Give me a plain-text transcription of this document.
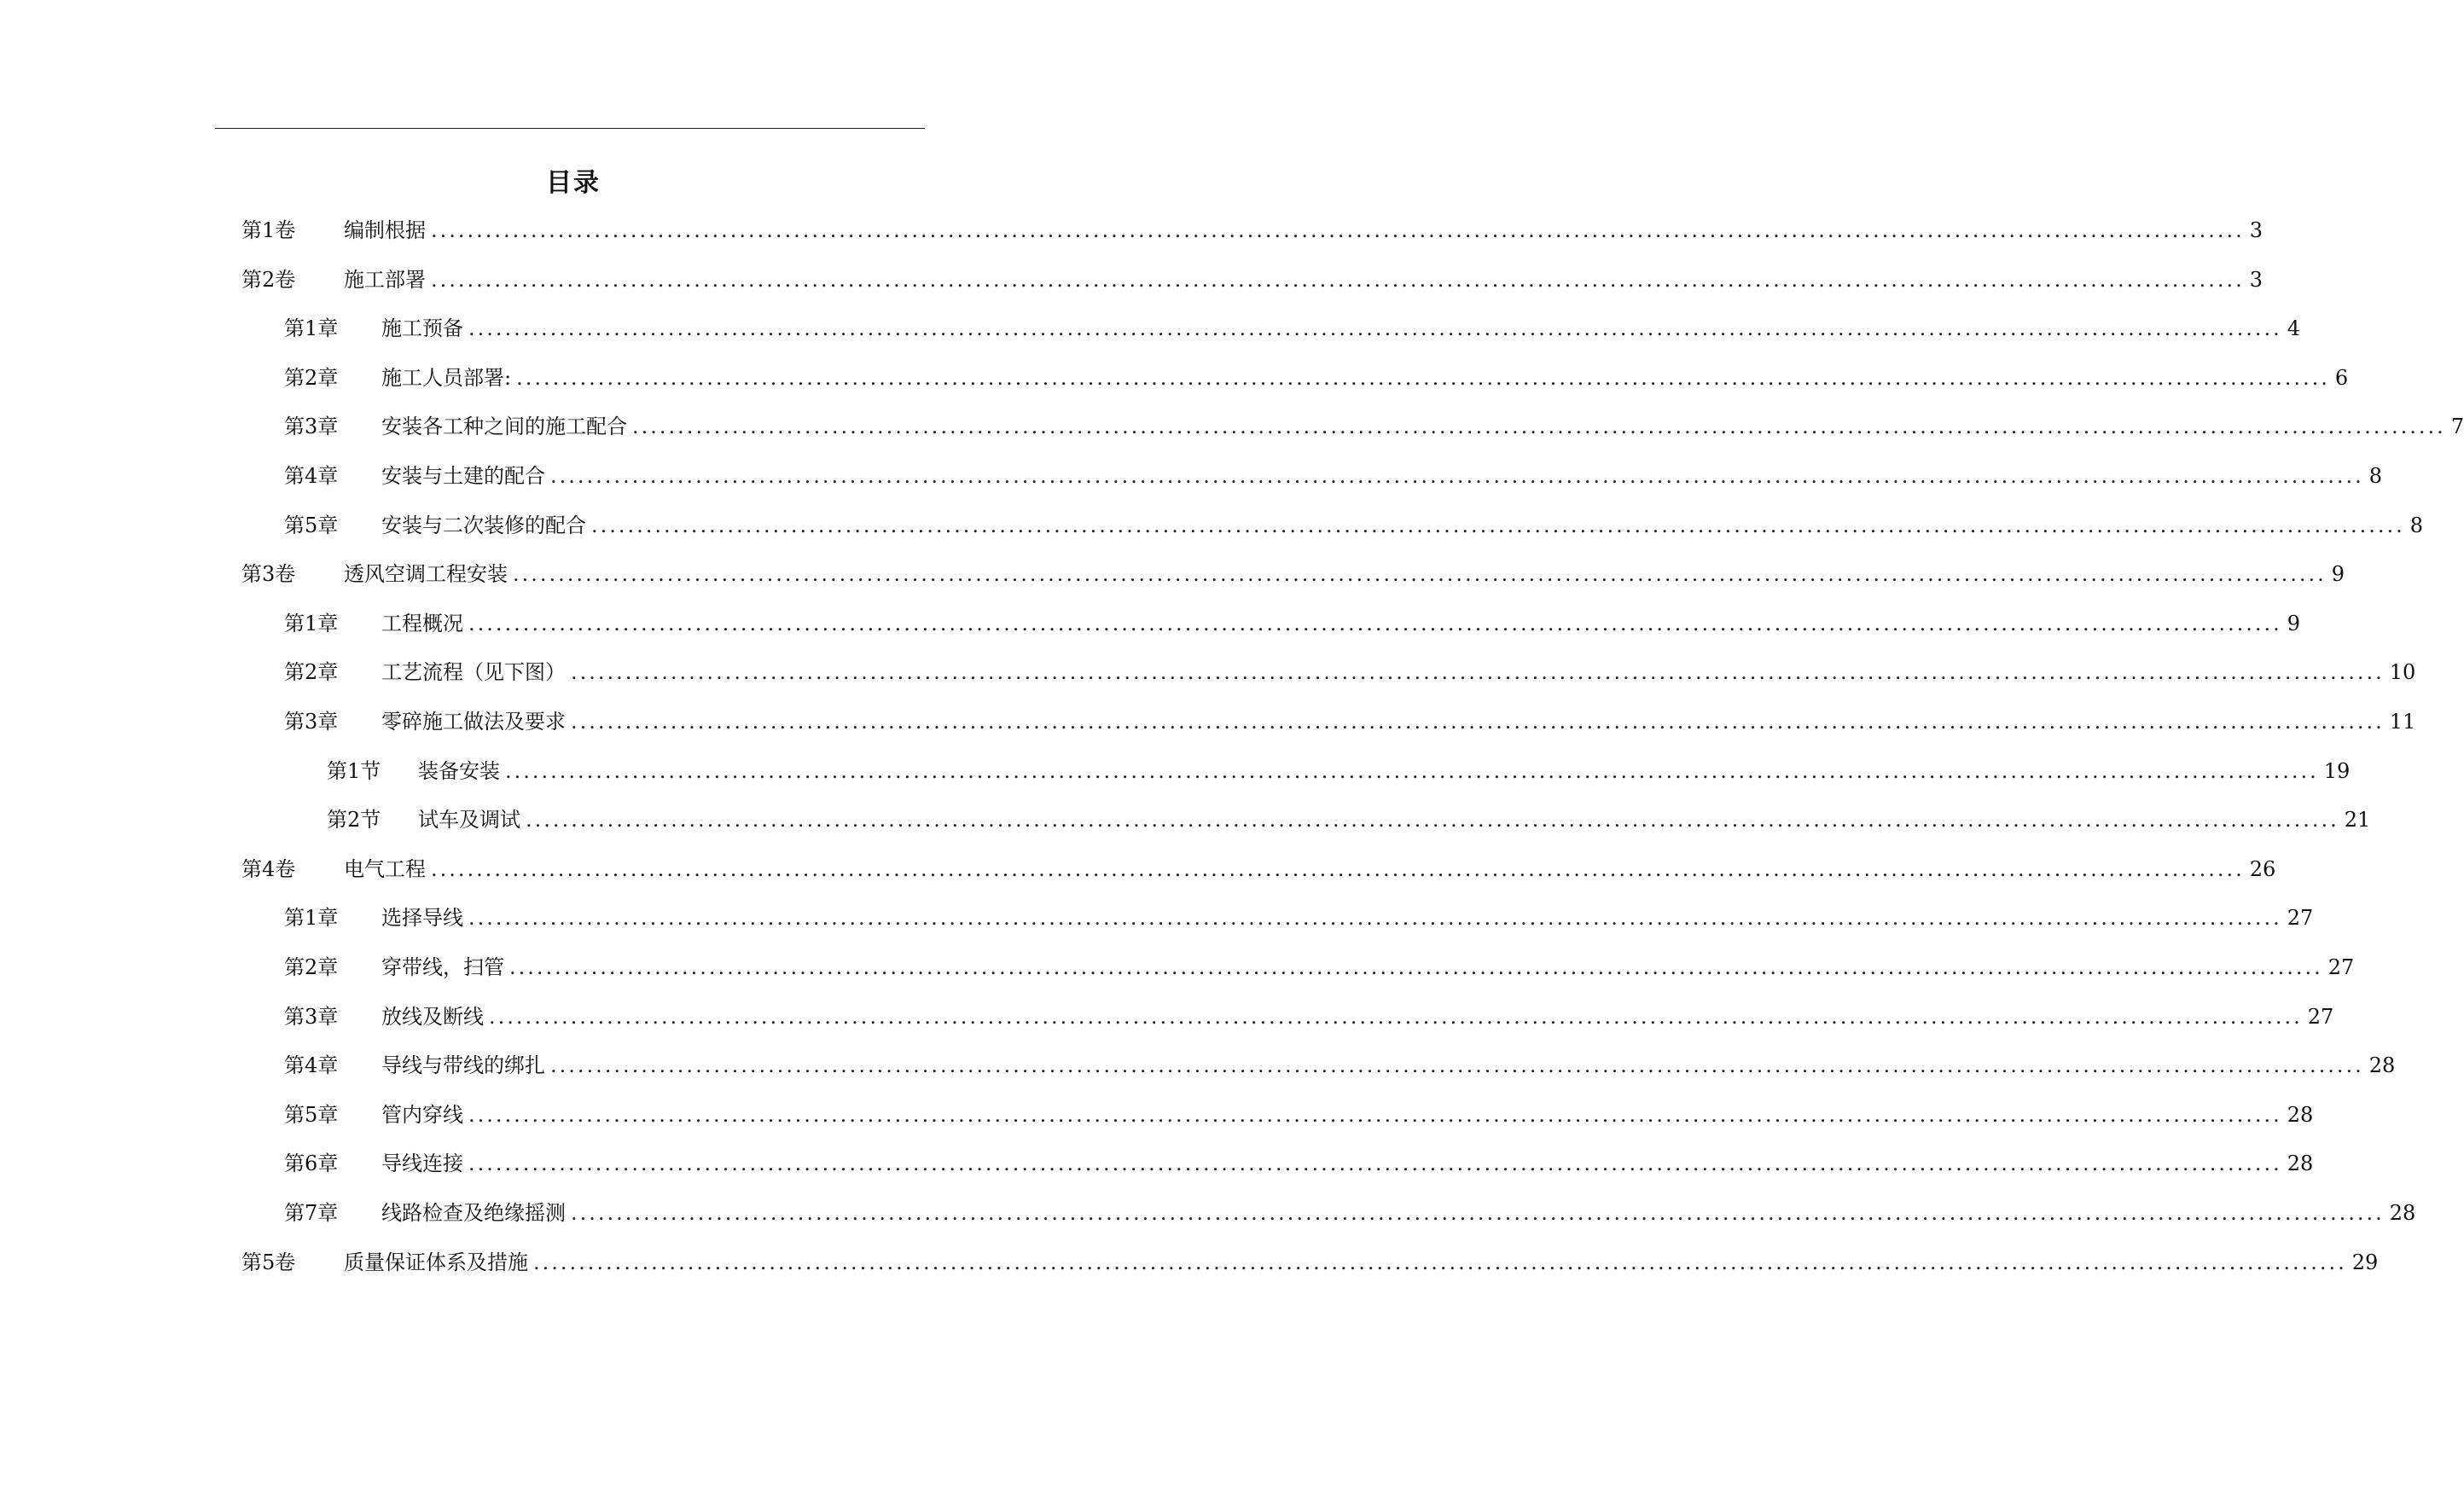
目录
第1卷	编制根据 ........................................................................................................................................................................................................ 3
第2卷	施工部署 ........................................................................................................................................................................................................ 3
第1章	施工预备 ........................................................................................................................................................................................................ 4
第2章	施工人员部署: ........................................................................................................................................................................................................ 6
第3章	安装各工种之间的施工配合 ........................................................................................................................................................................................................ 7
第4章	安装与土建的配合 ........................................................................................................................................................................................................ 8
第5章	安装与二次装修的配合 ........................................................................................................................................................................................................ 8
第3卷	透风空调工程安装 ........................................................................................................................................................................................................ 9
第1章	工程概况 ........................................................................................................................................................................................................ 9
第2章	工艺流程（见下图） ........................................................................................................................................................................................................ 10
第3章	零碎施工做法及要求 ........................................................................................................................................................................................................ 11
第1节	装备安装 ........................................................................................................................................................................................................ 19
第2节	试车及调试 ........................................................................................................................................................................................................ 21
第4卷	电气工程 ........................................................................................................................................................................................................ 26
第1章	选择导线 ........................................................................................................................................................................................................ 27
第2章	穿带线，扫管 ........................................................................................................................................................................................................ 27
第3章	放线及断线 ........................................................................................................................................................................................................ 27
第4章	导线与带线的绑扎 ........................................................................................................................................................................................................ 28
第5章	管内穿线 ........................................................................................................................................................................................................ 28
第6章	导线连接 ........................................................................................................................................................................................................ 28
第7章	线路检查及绝缘摇测 ........................................................................................................................................................................................................ 28
第5卷	质量保证体系及措施 ........................................................................................................................................................................................................ 29
